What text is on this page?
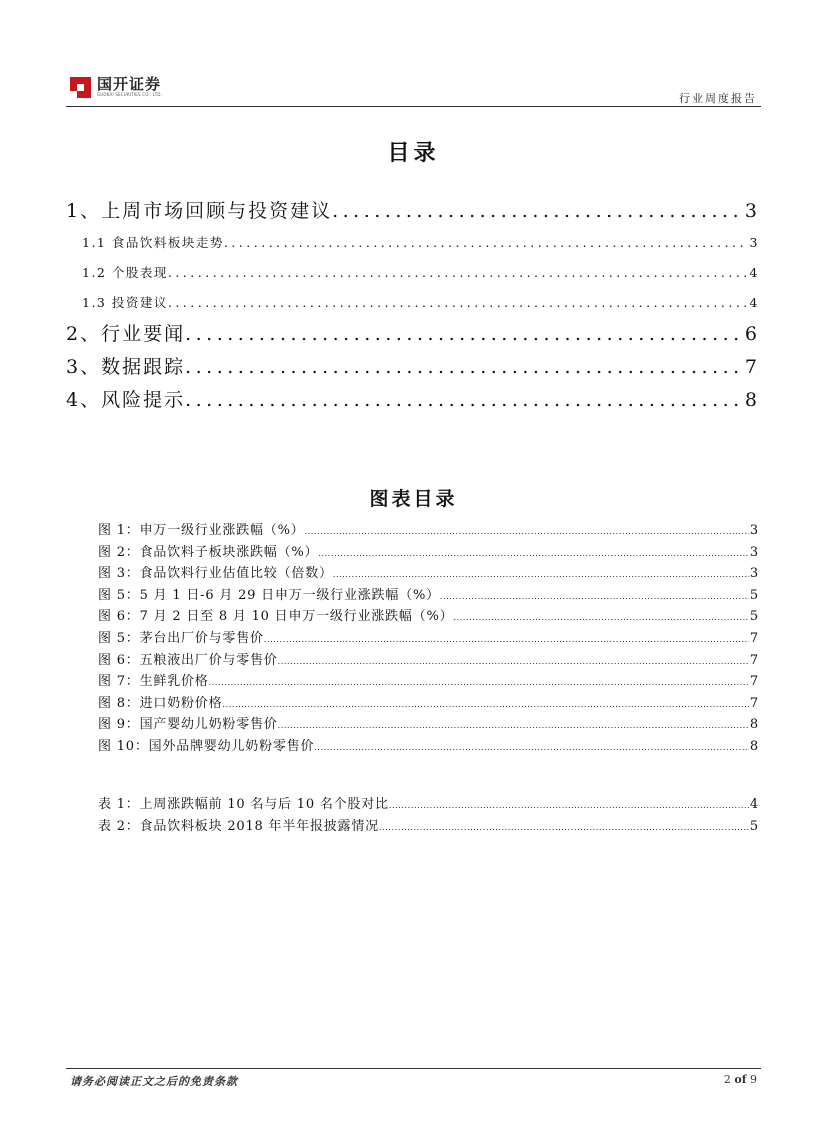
国开证券
GUOKAI SECURITIES CO., LTD.	行业周度报告
目录
1、上周市场回顾与投资建议 .....	3
1.1 食品饮料板块走势 .....	3
1.2 个股表现 .....	4
1.3 投资建议 .....	4
2、行业要闻 .....	6
3、数据跟踪 .....	7
4、风险提示 .....	8
图表目录
图 1：申万一级行业涨跌幅（%） .....	3
图 2：食品饮料子板块涨跌幅（%） .....	3
图 3：食品饮料行业估值比较（倍数） .....	3
图 5：5 月 1 日-6 月 29 日申万一级行业涨跌幅（%） .....	5
图 6：7 月 2 日至 8 月 10 日申万一级行业涨跌幅（%） .....	5
图 5：茅台出厂价与零售价 .....	7
图 6：五粮液出厂价与零售价 .....	7
图 7：生鲜乳价格 .....	7
图 8：进口奶粉价格 .....	7
图 9：国产婴幼儿奶粉零售价 .....	8
图 10：国外品牌婴幼儿奶粉零售价 .....	8
表 1：上周涨跌幅前 10 名与后 10 名个股对比 .....	4
表 2：食品饮料板块 2018 年半年报披露情况 .....	5
请务必阅读正文之后的免责条款	2 of 9
